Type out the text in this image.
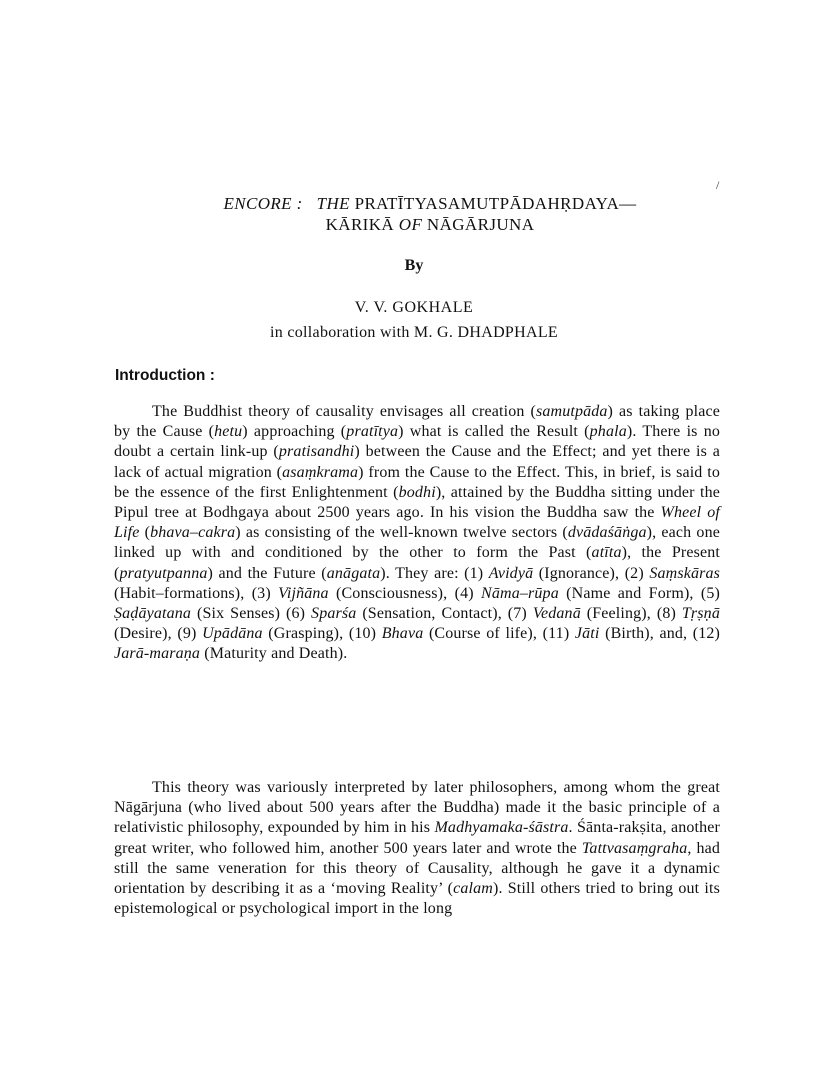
ENCORE : THE PRATĪTYASAMUTPĀDAHṚDAYA—
KĀRIKĀ OF NĀGĀRJUNA
By
V. V. GOKHALE
in collaboration with M. G. DHADPHALE
Introduction :
The Buddhist theory of causality envisages all creation (samutpāda) as taking place by the Cause (hetu) approaching (pratītya) what is called the Result (phala). There is no doubt a certain link-up (pratisandhi) between the Cause and the Effect; and yet there is a lack of actual migration (asaṃkrama) from the Cause to the Effect. This, in brief, is said to be the essence of the first Enlightenment (bodhi), attained by the Buddha sitting under the Pipul tree at Bodhgaya about 2500 years ago. In his vision the Buddha saw the Wheel of Life (bhava–cakra) as consisting of the well-known twelve sectors (dvādaśāṅga), each one linked up with and conditioned by the other to form the Past (atīta), the Present (pratyutpanna) and the Future (anāgata). They are: (1) Avidyā (Ignorance), (2) Saṃskāras (Habit–formations), (3) Vijñāna (Consciousness), (4) Nāma–rūpa (Name and Form), (5) Ṣaḍāyatana (Six Senses) (6) Sparśa (Sensation, Contact), (7) Vedanā (Feeling), (8) Tṛṣṇā (Desire), (9) Upādāna (Grasping), (10) Bhava (Course of life), (11) Jāti (Birth), and, (12) Jarā-maraṇa (Maturity and Death).
This theory was variously interpreted by later philosophers, among whom the great Nāgārjuna (who lived about 500 years after the Buddha) made it the basic principle of a relativistic philosophy, expounded by him in his Madhyamaka-śāstra. Śānta-rakṣita, another great writer, who followed him, another 500 years later and wrote the Tattvasaṃgraha, had still the same veneration for this theory of Causality, although he gave it a dynamic orientation by describing it as a ‘moving Reality’ (calam). Still others tried to bring out its epistemological or psychological import in the long
/
